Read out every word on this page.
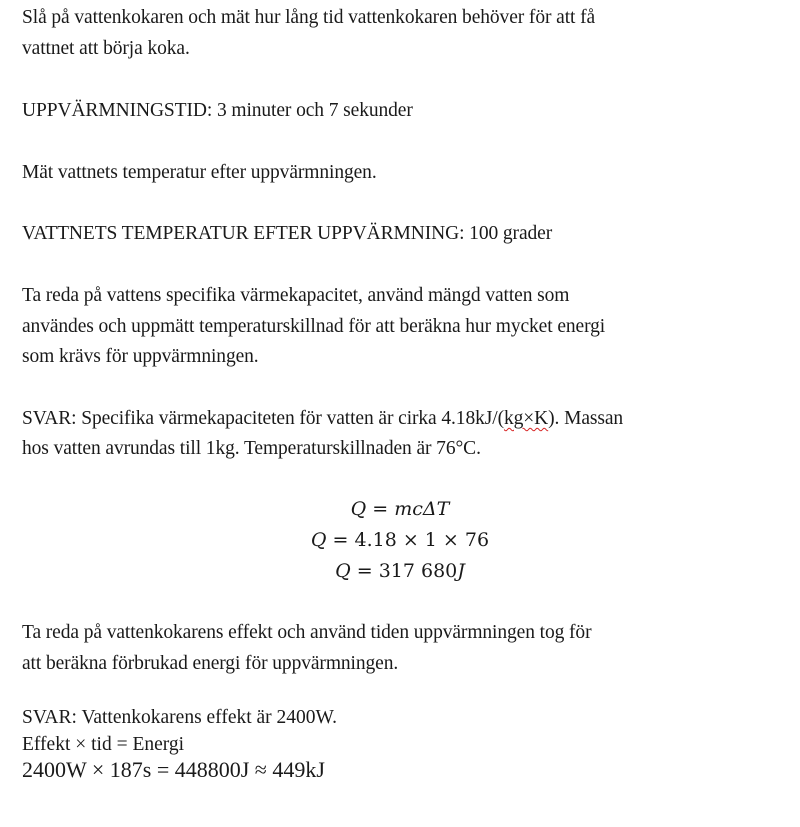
Slå på vattenkokaren och mät hur lång tid vattenkokaren behöver för att få
vattnet att börja koka.
UPPVÄRMNINGSTID: 3 minuter och 7 sekunder
Mät vattnets temperatur efter uppvärmningen.
VATTNETS TEMPERATUR EFTER UPPVÄRMNING: 100 grader
Ta reda på vattens specifika värmekapacitet, använd mängd vatten som
användes och uppmätt temperaturskillnad för att beräkna hur mycket energi
som krävs för uppvärmningen.
SVAR: Specifika värmekapaciteten för vatten är cirka 4.18kJ/(kg×K). Massan
hos vatten avrundas till 1kg. Temperaturskillnaden är 76°C.
Q = mcΔT
Q = 4.18 × 1 × 76
Q = 317 680J
Ta reda på vattenkokarens effekt och använd tiden uppvärmningen tog för
att beräkna förbrukad energi för uppvärmningen.
SVAR: Vattenkokarens effekt är 2400W.
Effekt × tid = Energi
2400W × 187s = 448800J ≈ 449kJ
